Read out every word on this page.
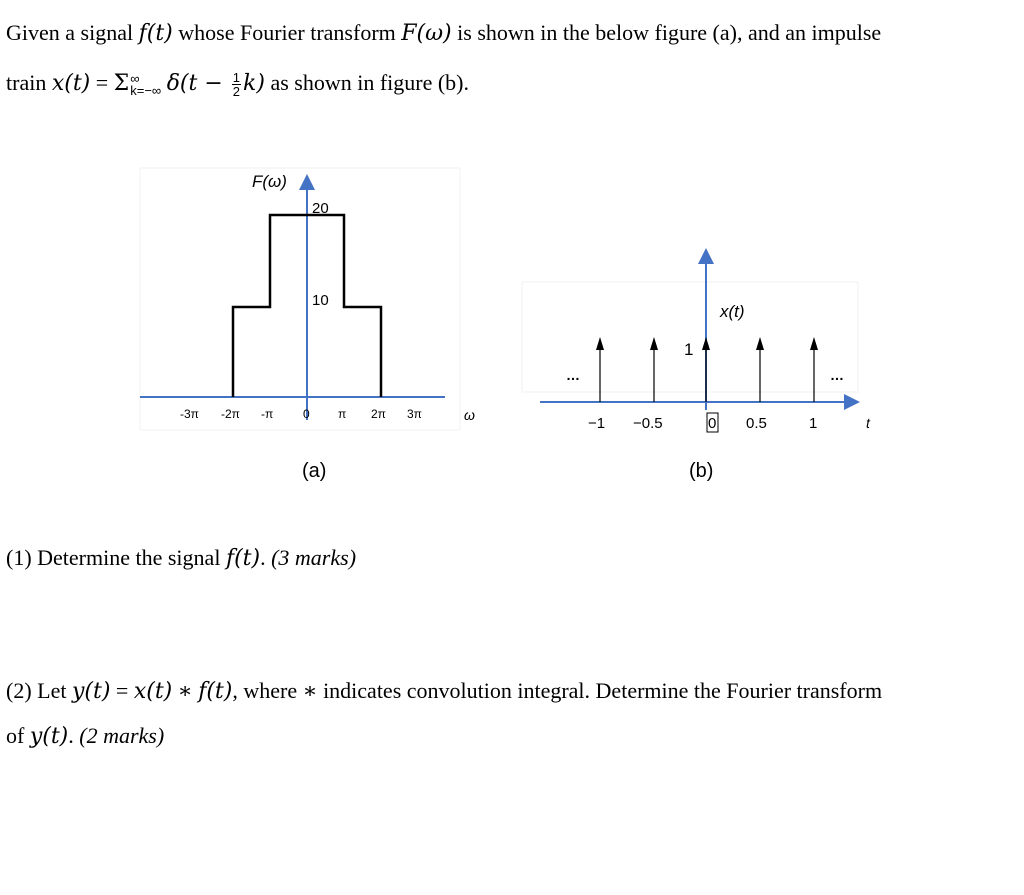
Given a signal f(t) whose Fourier transform F(ω) is shown in the below figure (a), and an impulse
train x(t) = Σ ∞
k=−∞ $\delta(t - \frac{1}{2} k)$ as shown in figure (b).
F(ω)
20
10
-3π -2π -π 0 π 2π 3π	ω
(a)
1
x(t)
…	…
−1 −0.5	0 0.5	1	t
(b)
(1) Determine the signal f(t). (3 marks)
(2) Let y(t) = x(t) ∗ f(t), where ∗ indicates convolution integral. Determine the Fourier transform
of y(t). (2 marks)
